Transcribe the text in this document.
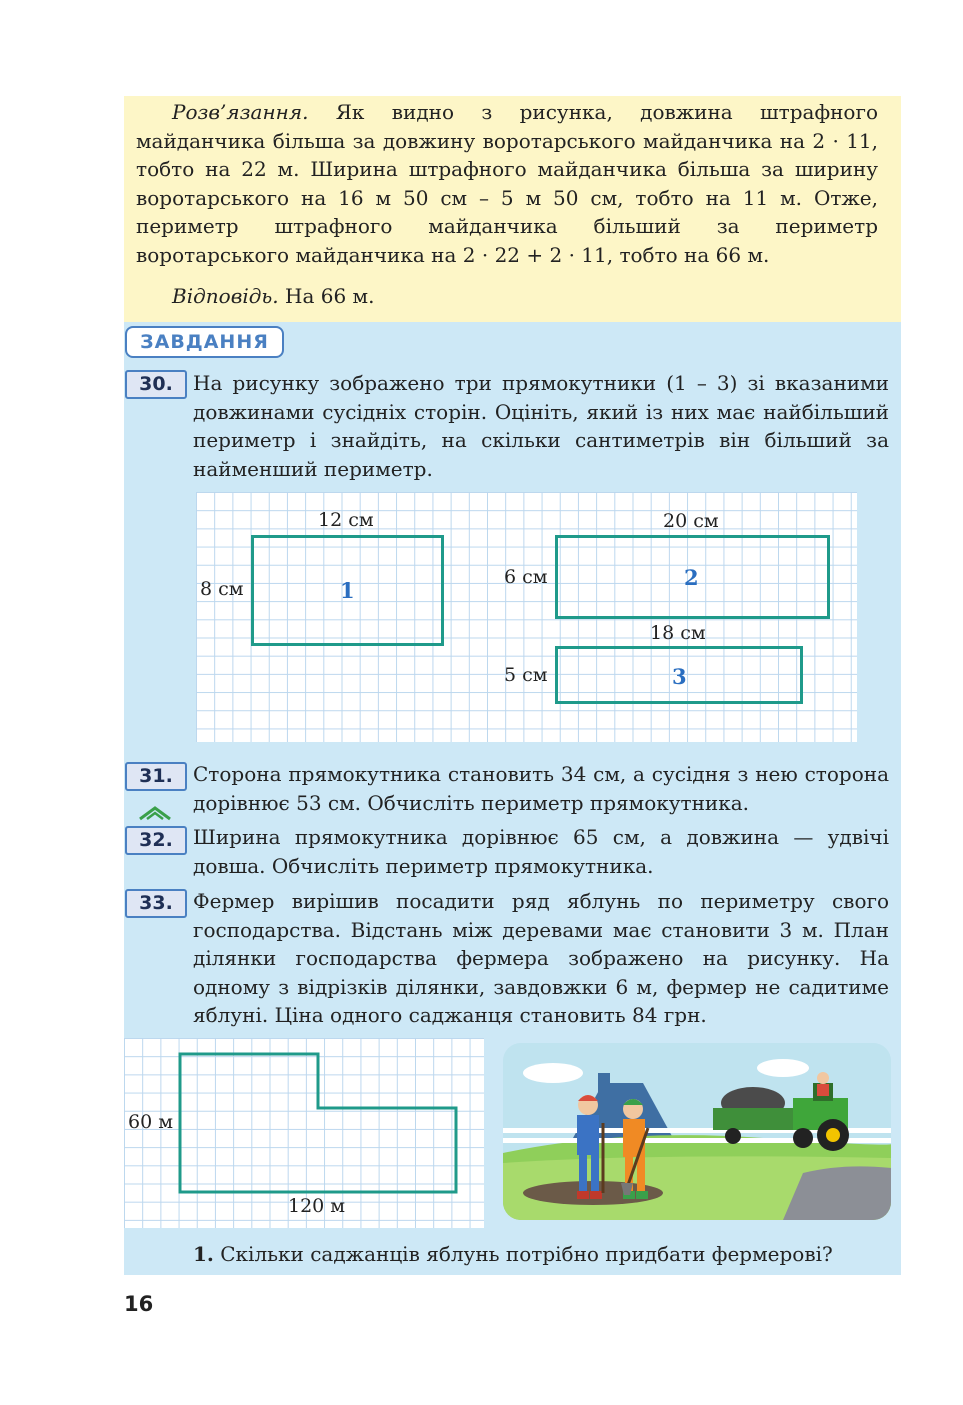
Розв’язання. Як видно з рисунка, довжина штрафного майданчика більша за довжину воротарського майданчика на 2 · 11, тобто на 22 м. Ширина штрафного майданчика більша за ширину воротарського на 16 м 50 см – 5 м 50 см, тобто на 11 м. Отже, периметр штрафного майданчика більший за периметр воротарського майданчика на 2 · 22 + 2 · 11, тобто на 66 м.

Відповідь. На 66 м.

ЗАВДАННЯ
30.	На рисунку зображено три прямокутники (1 – 3) зі вказаними довжинами сусідніх сторін. Оцініть, який із них має найбільший периметр і знайдіть, на скільки сантиметрів він більший за найменший периметр.

1
12 см
8 см	2
20 см
6 см
3
18 см
5 см
31.	Сторона прямокутника становить 34 см, а сусідня з нею сторона дорівнює 53 см. Обчисліть периметр прямокутника.

32.	Ширина прямокутника дорівнює 65 см, а довжина — удвічі довша. Обчисліть периметр прямокутника.

33.	Фермер вирішив посадити ряд яблунь по периметру свого господарства. Відстань між деревами має становити 3 м. План ділянки господарства фермера зображено на рисунку. На одному з відрізків ділянки, завдовжки 6 м, фермер не садитиме яблуні. Ціна одного саджанця становить 84 грн.

60 м
120 м

1. Скільки саджанців яблунь потрібно придбати фермерові?

16
